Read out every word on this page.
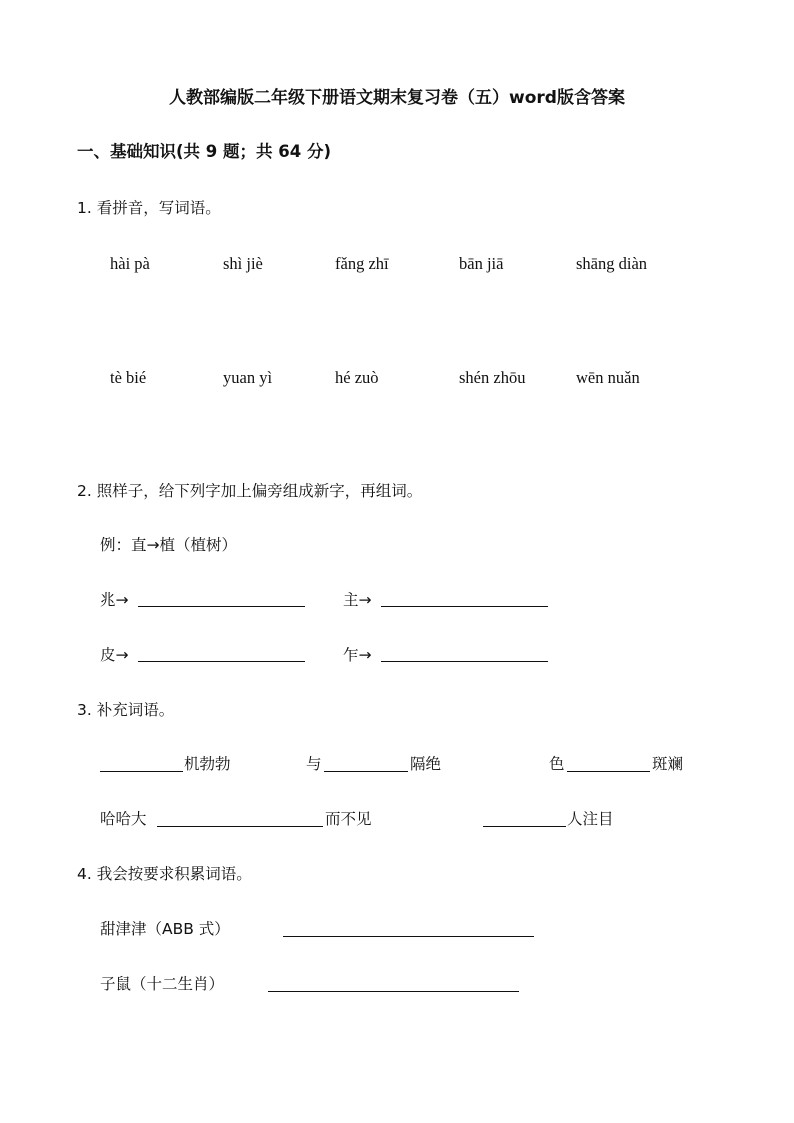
人教部编版二年级下册语文期末复习卷（五）word版含答案
一、基础知识(共 9 题；共 64 分)
1. 看拼音，写词语。
hài pà	shì jiè	fǎng zhī	bān jiā	shāng diàn
tè bié	yuan yì	hé zuò	shén zhōu	wēn nuǎn
2. 照样子，给下列字加上偏旁组成新字，再组词。
例：直→植（植树）
兆→	主→
皮→	乍→
3. 补充词语。
机勃勃	与	隔绝	色	斑斓
哈哈大	而不见	人注目
4. 我会按要求积累词语。
甜津津（ABB 式）
子鼠（十二生肖）
